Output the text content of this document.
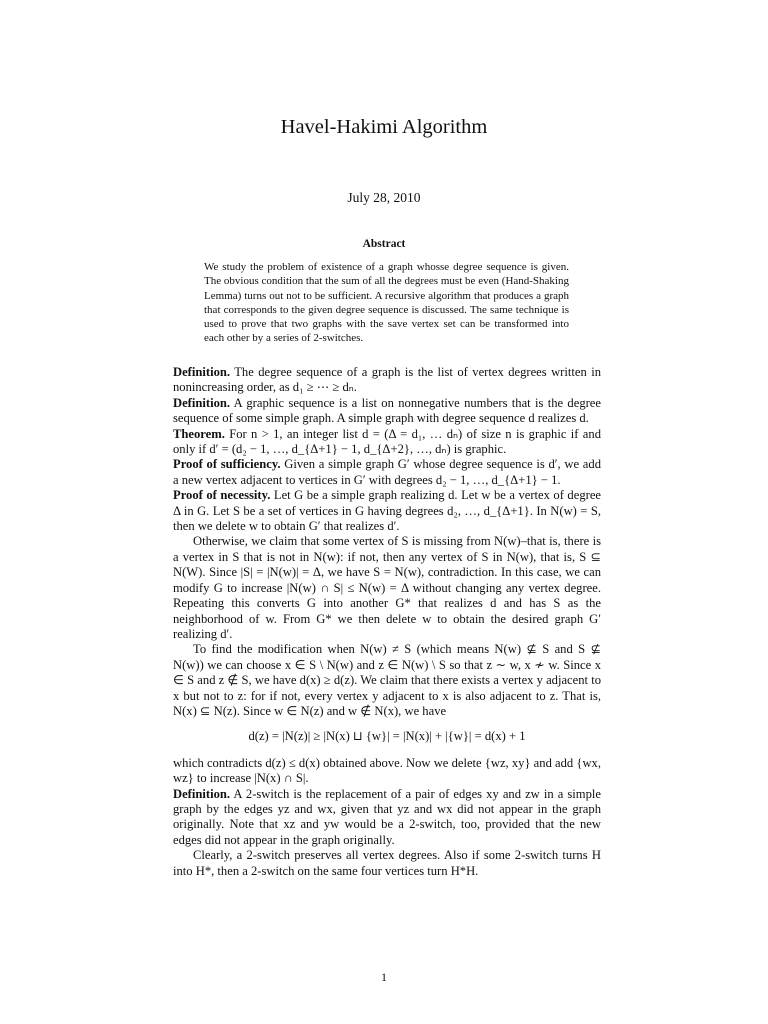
Havel-Hakimi Algorithm
July 28, 2010
Abstract
We study the problem of existence of a graph whosse degree sequence is given. The obvious condition that the sum of all the degrees must be even (Hand-Shaking Lemma) turns out not to be sufficient. A recursive algorithm that produces a graph that corresponds to the given degree sequence is discussed. The same technique is used to prove that two graphs with the save vertex set can be transformed into each other by a series of 2-switches.

Definition. The degree sequence of a graph is the list of vertex degrees written in nonincreasing order, as d₁ ≥ ⋯ ≥ dₙ.

Definition. A graphic sequence is a list on nonnegative numbers that is the degree sequence of some simple graph. A simple graph with degree sequence d realizes d.

Theorem. For n > 1, an integer list d = (Δ = d₁, … dₙ) of size n is graphic if and only if d′ = (d₂ − 1, …, d_{Δ+1} − 1, d_{Δ+2}, …, dₙ) is graphic.

Proof of sufficiency. Given a simple graph G′ whose degree sequence is d′, we add a new vertex adjacent to vertices in G′ with degrees d₂ − 1, …, d_{Δ+1} − 1.

Proof of necessity. Let G be a simple graph realizing d. Let w be a vertex of degree Δ in G. Let S be a set of vertices in G having degrees d₂, …, d_{Δ+1}. In N(w) = S, then we delete w to obtain G′ that realizes d′.

Otherwise, we claim that some vertex of S is missing from N(w)–that is, there is a vertex in S that is not in N(w): if not, then any vertex of S in N(w), that is, S ⊆ N(W). Since |S| = |N(w)| = Δ, we have S = N(w), contradiction. In this case, we can modify G to increase |N(w) ∩ S| ≤ N(w) = Δ without changing any vertex degree. Repeating this converts G into another G* that realizes d and has S as the neighborhood of w. From G* we then delete w to obtain the desired graph G′ realizing d′.

To find the modification when N(w) ≠ S (which means N(w) ⊈ S and S ⊈ N(w)) we can choose x ∈ S \ N(w) and z ∈ N(w) \ S so that z ∼ w, x ≁ w. Since x ∈ S and z ∉ S, we have d(x) ≥ d(z). We claim that there exists a vertex y adjacent to x but not to z: for if not, every vertex y adjacent to x is also adjacent to z. That is, N(x) ⊆ N(z). Since w ∈ N(z) and w ∉ N(x), we have

d(z) = |N(z)| ≥ |N(x) ⊔ {w}| = |N(x)| + |{w}| = d(x) + 1

which contradicts d(z) ≤ d(x) obtained above. Now we delete {wz, xy} and add {wx, wz} to increase |N(x) ∩ S|.

Definition. A 2-switch is the replacement of a pair of edges xy and zw in a simple graph by the edges yz and wx, given that yz and wx did not appear in the graph originally. Note that xz and yw would be a 2-switch, too, provided that the new edges did not appear in the graph originally.

Clearly, a 2-switch preserves all vertex degrees. Also if some 2-switch turns H into H*, then a 2-switch on the same four vertices turn H*H.

1
